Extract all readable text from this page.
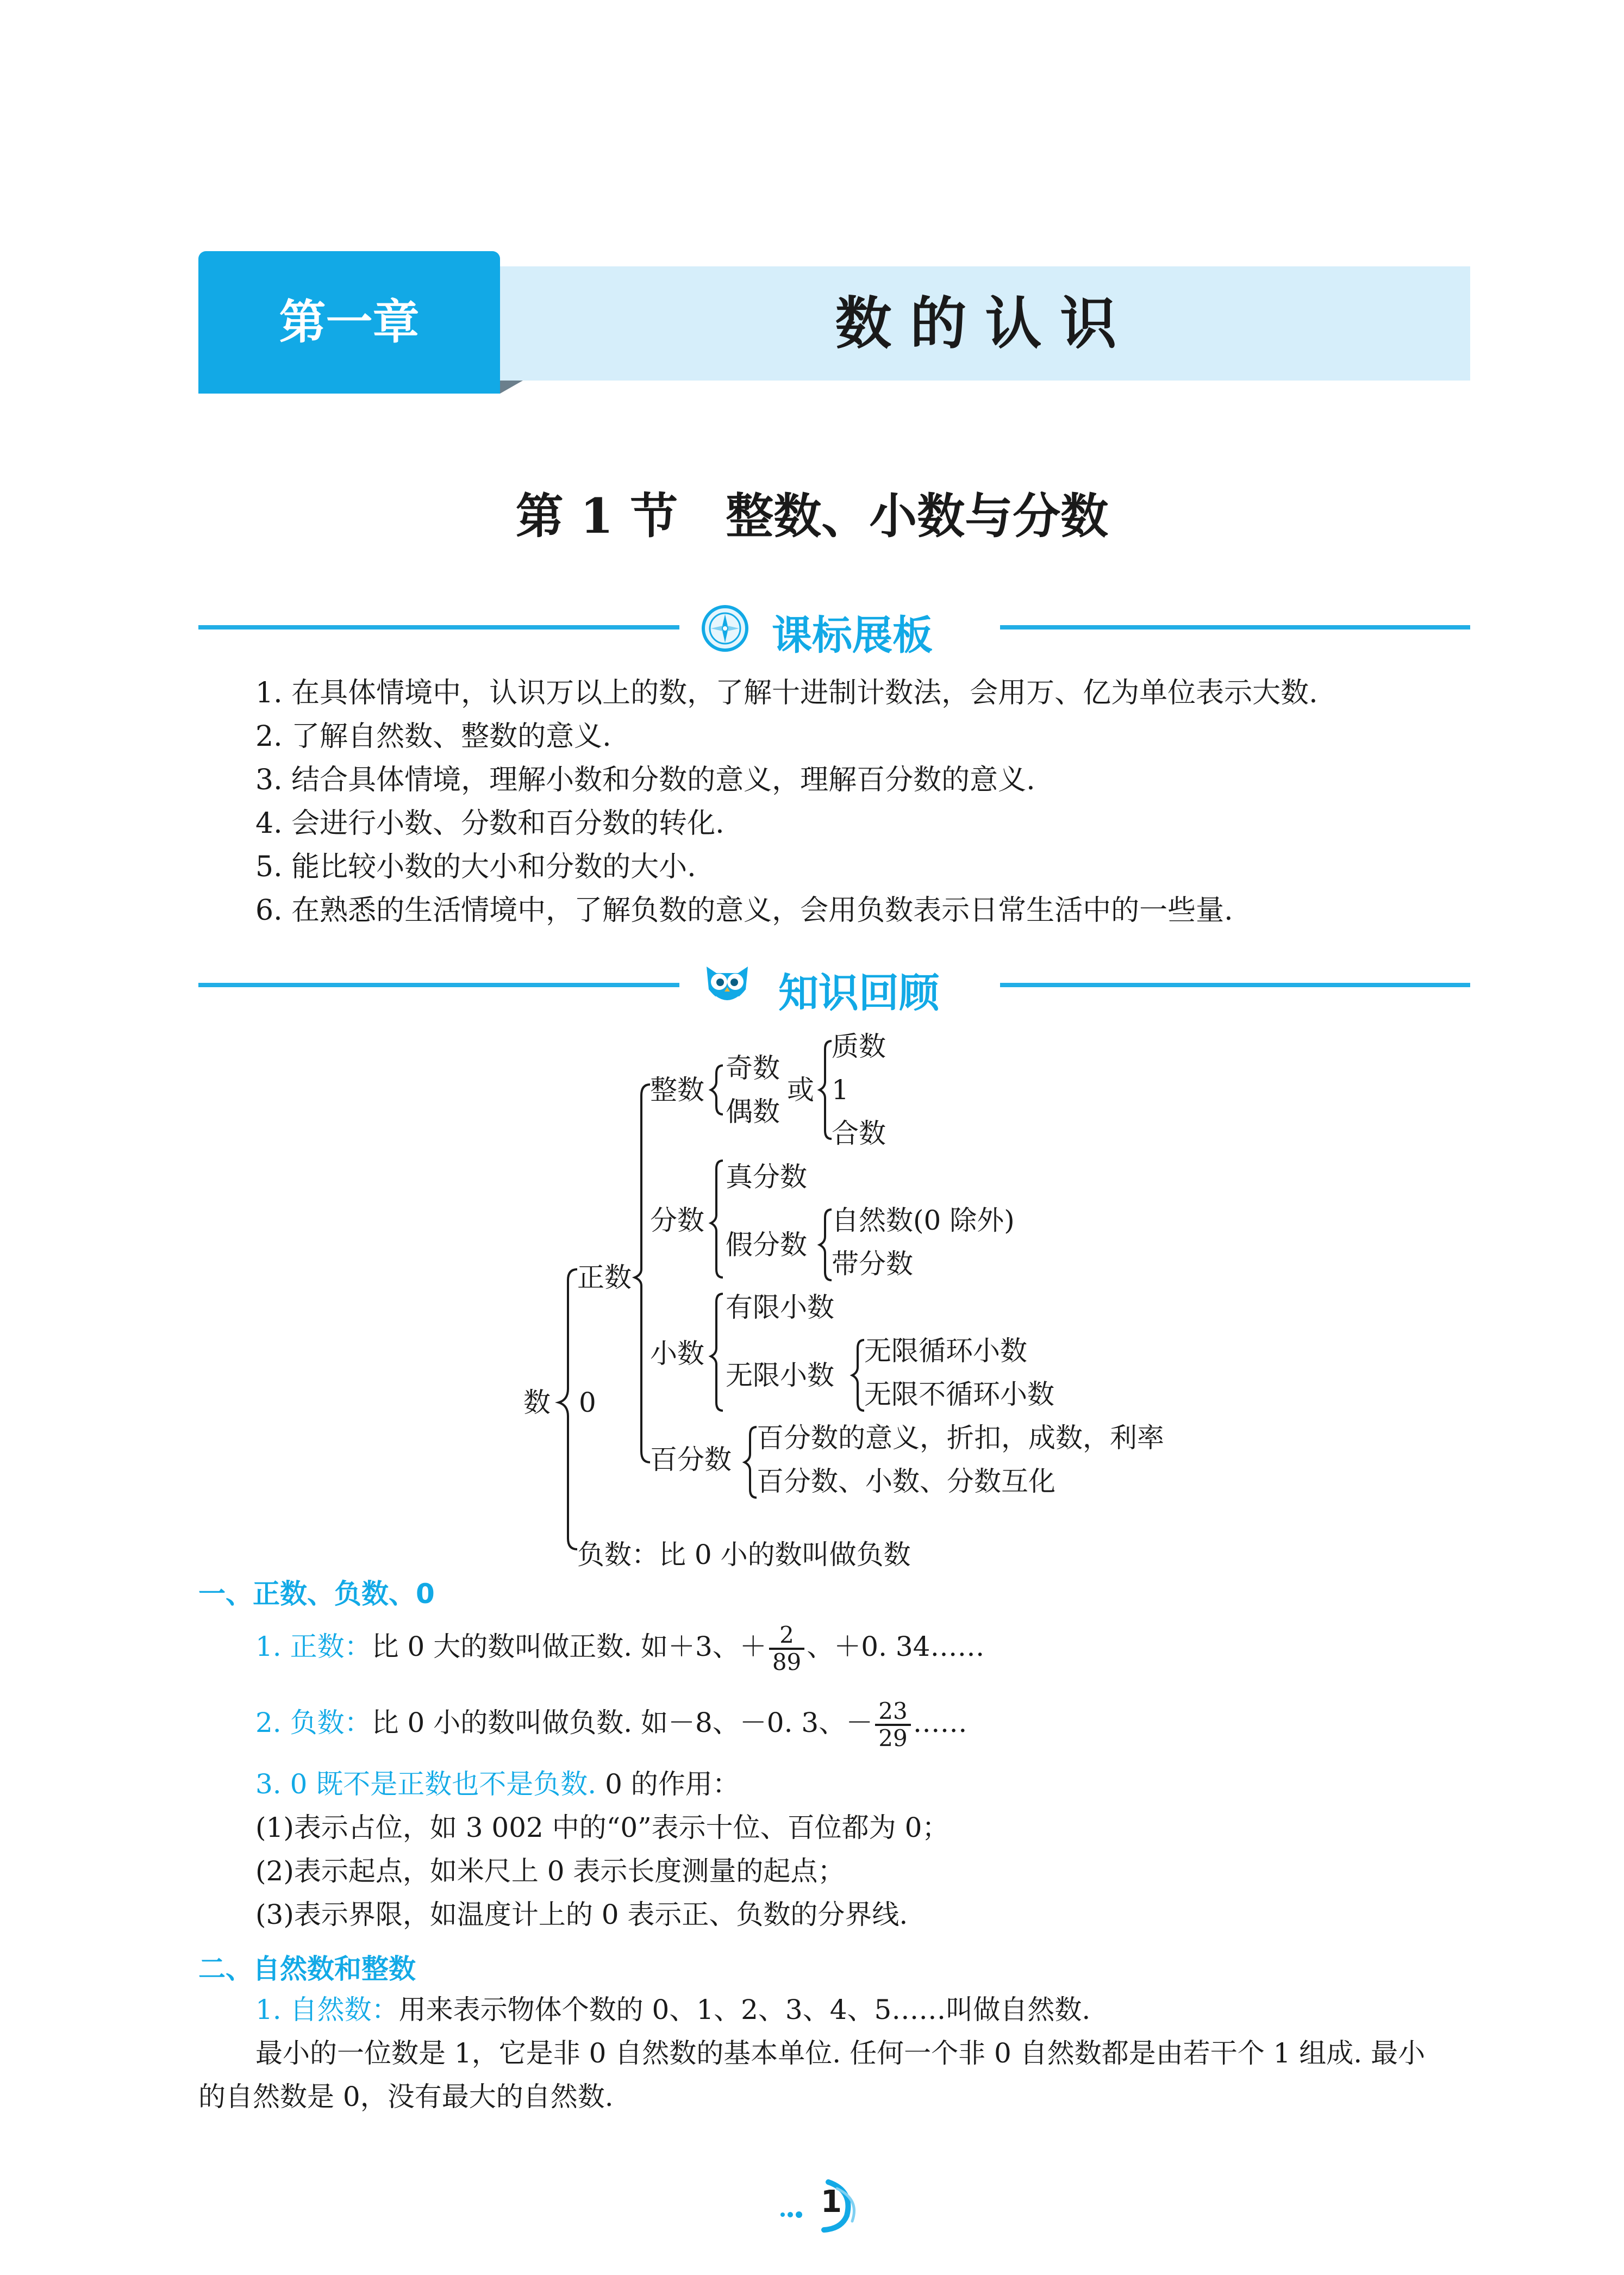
第一章	数的认识
第 1 节　整数、小数与分数
课标展板
1. 在具体情境中，认识万以上的数，了解十进制计数法，会用万、亿为单位表示大数.
2. 了解自然数、整数的意义.
3. 结合具体情境，理解小数和分数的意义，理解百分数的意义.
4. 会进行小数、分数和百分数的转化.
5. 能比较小数的大小和分数的大小.
6. 在熟悉的生活情境中，了解负数的意义，会用负数表示日常生活中的一些量.
知识回顾
数 0
正数
负数：比 0 小的数叫做负数
整数
奇数
偶数
或
质数
1
合数
分数
真分数
假分数
自然数(0 除外)
带分数
小数
有限小数
无限小数
无限循环小数
无限不循环小数
百分数
百分数的意义，折扣，成数，利率
百分数、小数、分数互化
一、正数、负数、0
1. 正数：比 0 大的数叫做正数. 如＋3、＋ $\frac{2}{89}$ 、＋0. 34……
2. 负数：比 0 小的数叫做负数. 如－8、－0. 3、－ $\frac{23}{29}$ ……
3. 0 既不是正数也不是负数. 0 的作用：
(1)表示占位，如 3 002 中的“0”表示十位、百位都为 0；
(2)表示起点，如米尺上 0 表示长度测量的起点；
(3)表示界限，如温度计上的 0 表示正、负数的分界线.
二、自然数和整数
1. 自然数：用来表示物体个数的 0、1、2、3、4、5……叫做自然数.
最小的一位数是 1，它是非 0 自然数的基本单位. 任何一个非 0 自然数都是由若干个 1 组成. 最小
的自然数是 0，没有最大的自然数.
1
